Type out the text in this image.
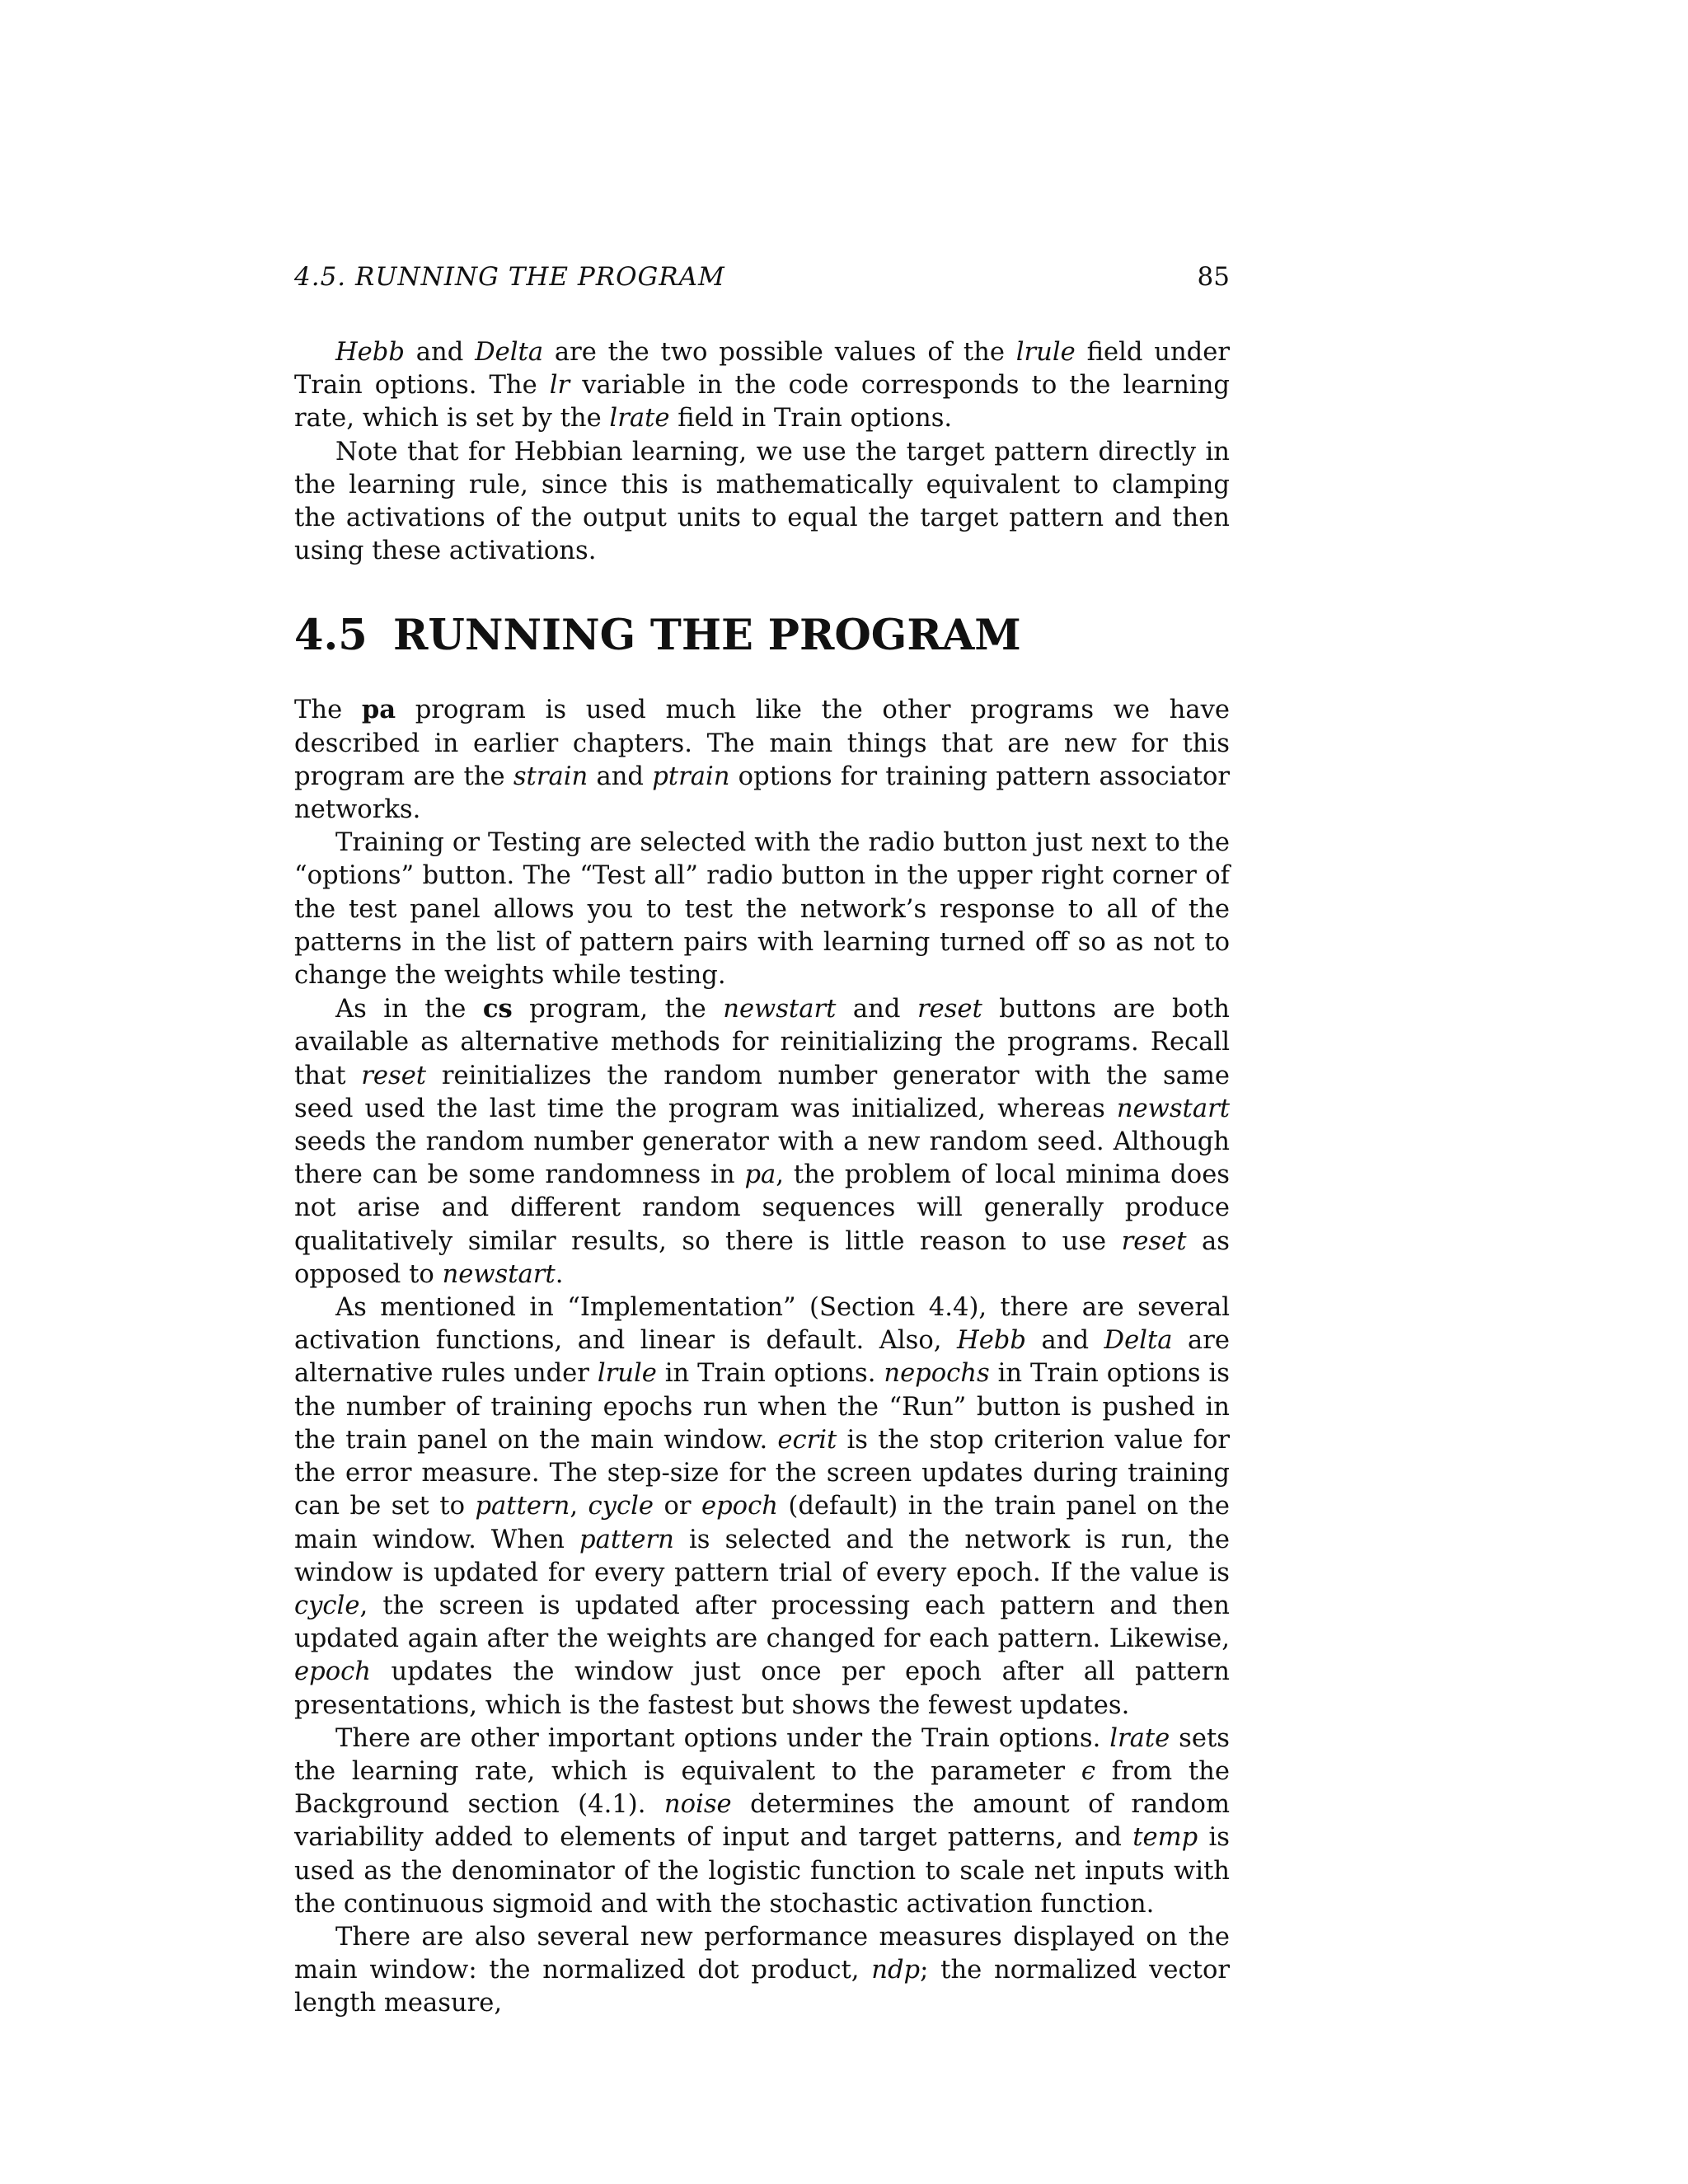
4.5. RUNNING THE PROGRAM	85

Hebb and Delta are the two possible values of the lrule field under Train options. The lr variable in the code corresponds to the learning rate, which is set by the lrate field in Train options.

Note that for Hebbian learning, we use the target pattern directly in the learning rule, since this is mathematically equivalent to clamping the activations of the output units to equal the target pattern and then using these activations.

4.5 RUNNING THE PROGRAM

The pa program is used much like the other programs we have described in earlier chapters. The main things that are new for this program are the strain and ptrain options for training pattern associator networks.

Training or Testing are selected with the radio button just next to the “options” button. The “Test all” radio button in the upper right corner of the test panel allows you to test the network’s response to all of the patterns in the list of pattern pairs with learning turned off so as not to change the weights while testing.

As in the cs program, the newstart and reset buttons are both available as alternative methods for reinitializing the programs. Recall that reset reinitializes the random number generator with the same seed used the last time the program was initialized, whereas newstart seeds the random number generator with a new random seed. Although there can be some randomness in pa, the problem of local minima does not arise and different random sequences will generally produce qualitatively similar results, so there is little reason to use reset as opposed to newstart.

As mentioned in “Implementation” (Section 4.4), there are several activation functions, and linear is default. Also, Hebb and Delta are alternative rules under lrule in Train options. nepochs in Train options is the number of training epochs run when the “Run” button is pushed in the train panel on the main window. ecrit is the stop criterion value for the error measure. The step-size for the screen updates during training can be set to pattern, cycle or epoch (default) in the train panel on the main window. When pattern is selected and the network is run, the window is updated for every pattern trial of every epoch. If the value is cycle, the screen is updated after processing each pattern and then updated again after the weights are changed for each pattern. Likewise, epoch updates the window just once per epoch after all pattern presentations, which is the fastest but shows the fewest updates.

There are other important options under the Train options. lrate sets the learning rate, which is equivalent to the parameter ϵ from the Background section (4.1). noise determines the amount of random variability added to elements of input and target patterns, and temp is used as the denominator of the logistic function to scale net inputs with the continuous sigmoid and with the stochastic activation function.

There are also several new performance measures displayed on the main window: the normalized dot product, ndp; the normalized vector length measure,
